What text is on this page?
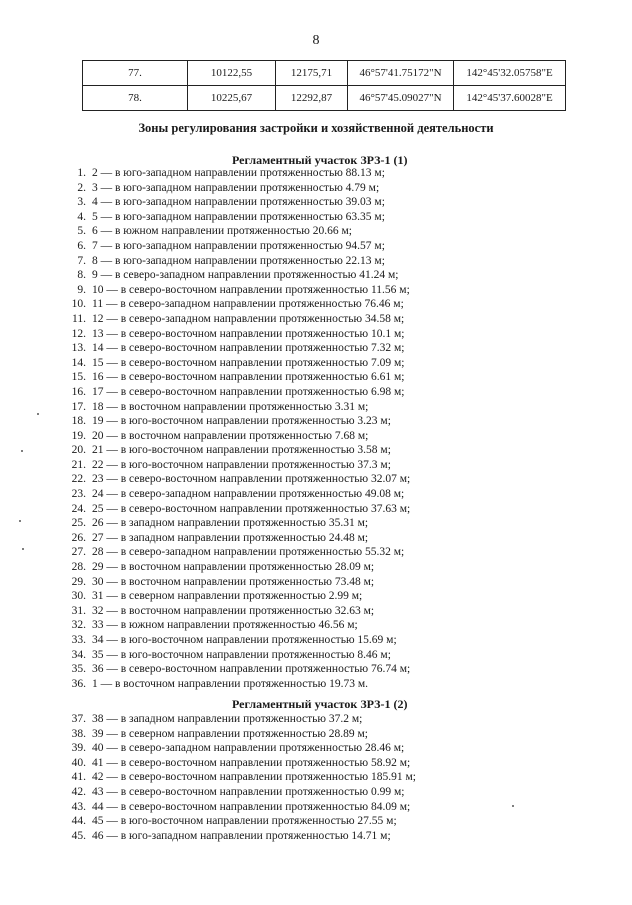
8
77.	10122,55	12175,71	46°57'41.75172"N	142°45'32.05758"E
78.	10225,67	12292,87	46°57'45.09027"N	142°45'37.60028"E
Зоны регулирования застройки и хозяйственной деятельности
Регламентный участок ЗРЗ-1 (1)
1. 2 — в юго-западном направлении протяженностью 88.13 м;
2. 3 — в юго-западном направлении протяженностью 4.79 м;
3. 4 — в юго-западном направлении протяженностью 39.03 м;
4. 5 — в юго-западном направлении протяженностью 63.35 м;
5. 6 — в южном направлении протяженностью 20.66 м;
6. 7 — в юго-западном направлении протяженностью 94.57 м;
7. 8 — в юго-западном направлении протяженностью 22.13 м;
8. 9 — в северо-западном направлении протяженностью 41.24 м;
9. 10 — в северо-восточном направлении протяженностью 11.56 м;
10. 11 — в северо-западном направлении протяженностью 76.46 м;
11. 12 — в северо-западном направлении протяженностью 34.58 м;
12. 13 — в северо-восточном направлении протяженностью 10.1 м;
13. 14 — в северо-восточном направлении протяженностью 7.32 м;
14. 15 — в северо-восточном направлении протяженностью 7.09 м;
15. 16 — в северо-восточном направлении протяженностью 6.61 м;
16. 17 — в северо-восточном направлении протяженностью 6.98 м;
17. 18 — в восточном направлении протяженностью 3.31 м;
18. 19 — в юго-восточном направлении протяженностью 3.23 м;
19. 20 — в восточном направлении протяженностью 7.68 м;
20. 21 — в юго-восточном направлении протяженностью 3.58 м;
21. 22 — в юго-восточном направлении протяженностью 37.3 м;
22. 23 — в северо-восточном направлении протяженностью 32.07 м;
23. 24 — в северо-западном направлении протяженностью 49.08 м;
24. 25 — в северо-восточном направлении протяженностью 37.63 м;
25. 26 — в западном направлении протяженностью 35.31 м;
26. 27 — в западном направлении протяженностью 24.48 м;
27. 28 — в северо-западном направлении протяженностью 55.32 м;
28. 29 — в восточном направлении протяженностью 28.09 м;
29. 30 — в восточном направлении протяженностью 73.48 м;
30. 31 — в северном направлении протяженностью 2.99 м;
31. 32 — в восточном направлении протяженностью 32.63 м;
32. 33 — в южном направлении протяженностью 46.56 м;
33. 34 — в юго-восточном направлении протяженностью 15.69 м;
34. 35 — в юго-восточном направлении протяженностью 8.46 м;
35. 36 — в северо-восточном направлении протяженностью 76.74 м;
36. 1 — в восточном направлении протяженностью 19.73 м.
Регламентный участок ЗРЗ-1 (2)
37. 38 — в западном направлении протяженностью 37.2 м;
38. 39 — в северном направлении протяженностью 28.89 м;
39. 40 — в северо-западном направлении протяженностью 28.46 м;
40. 41 — в северо-восточном направлении протяженностью 58.92 м;
41. 42 — в северо-восточном направлении протяженностью 185.91 м;
42. 43 — в северо-восточном направлении протяженностью 0.99 м;
43. 44 — в северо-восточном направлении протяженностью 84.09 м;
44. 45 — в юго-восточном направлении протяженностью 27.55 м;
45. 46 — в юго-западном направлении протяженностью 14.71 м;
